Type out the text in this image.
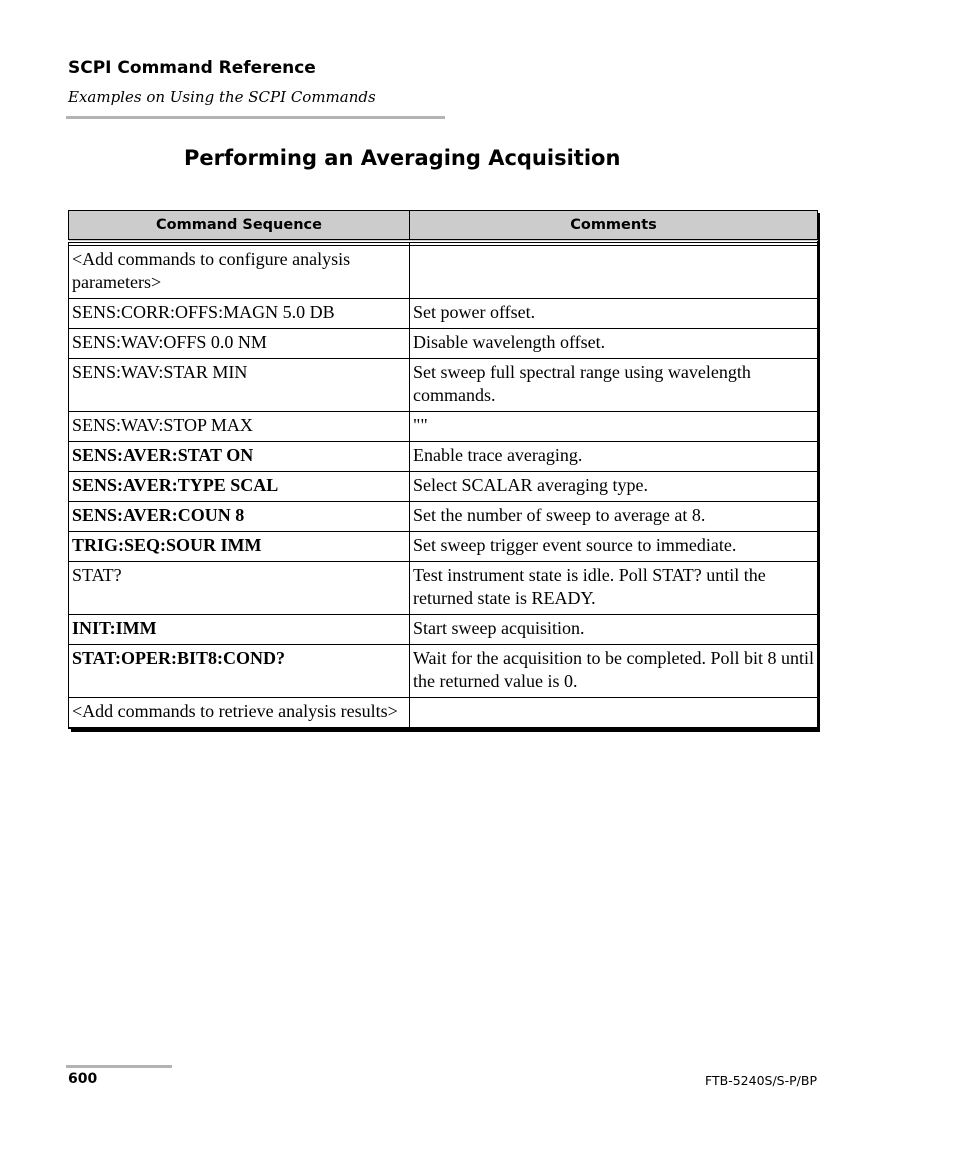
SCPI Command Reference
Examples on Using the SCPI Commands
Performing an Averaging Acquisition
Command Sequence	Comments

<Add commands to configure analysis parameters>	
SENS:CORR:OFFS:MAGN 5.0 DB	Set power offset.
SENS:WAV:OFFS 0.0 NM	Disable wavelength offset.
SENS:WAV:STAR MIN	Set sweep full spectral range using wavelength commands.
SENS:WAV:STOP MAX	""
SENS:AVER:STAT ON	Enable trace averaging.
SENS:AVER:TYPE SCAL	Select SCALAR averaging type.
SENS:AVER:COUN 8	Set the number of sweep to average at 8.
TRIG:SEQ:SOUR IMM	Set sweep trigger event source to immediate.
STAT?	Test instrument state is idle. Poll STAT? until the returned state is READY.
INIT:IMM	Start sweep acquisition.
STAT:OPER:BIT8:COND?	Wait for the acquisition to be completed. Poll bit 8 until the returned value is 0.
<Add commands to retrieve analysis results>	
600	FTB-5240S/S-P/BP
